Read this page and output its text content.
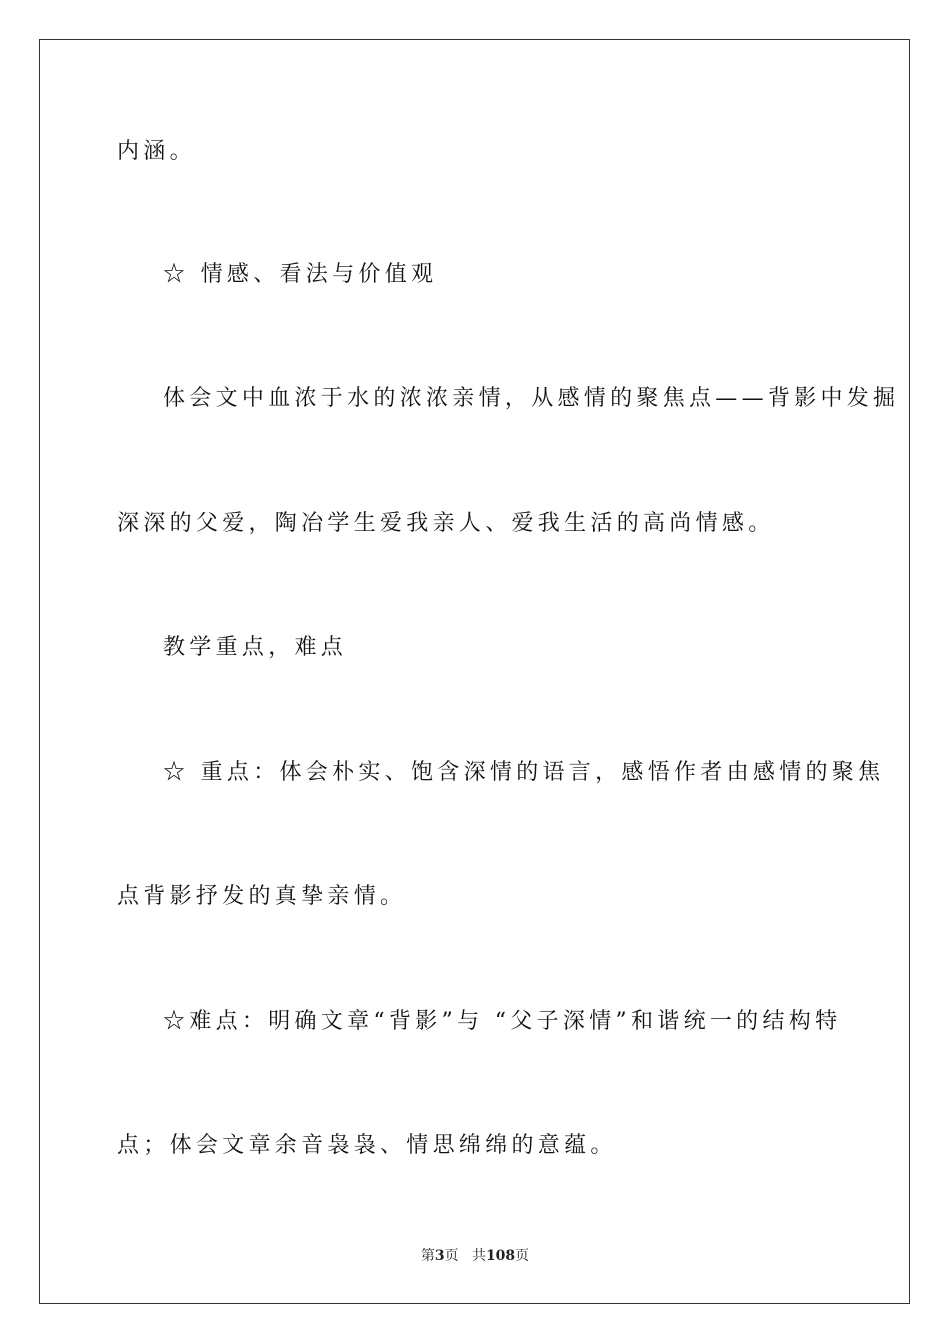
内涵。
☆ 情感、看法与价值观
体会文中血浓于水的浓浓亲情，从感情的聚焦点——背影中发掘
深深的父爱，陶冶学生爱我亲人、爱我生活的高尚情感。
教学重点，难点
☆ 重点：体会朴实、饱含深情的语言，感悟作者由感情的聚焦
点背影抒发的真挚亲情。
☆难点：明确文章“背影”与 “父子深情”和谐统一的结构特
点；体会文章余音袅袅、情思绵绵的意蕴。
第3页 共108页
